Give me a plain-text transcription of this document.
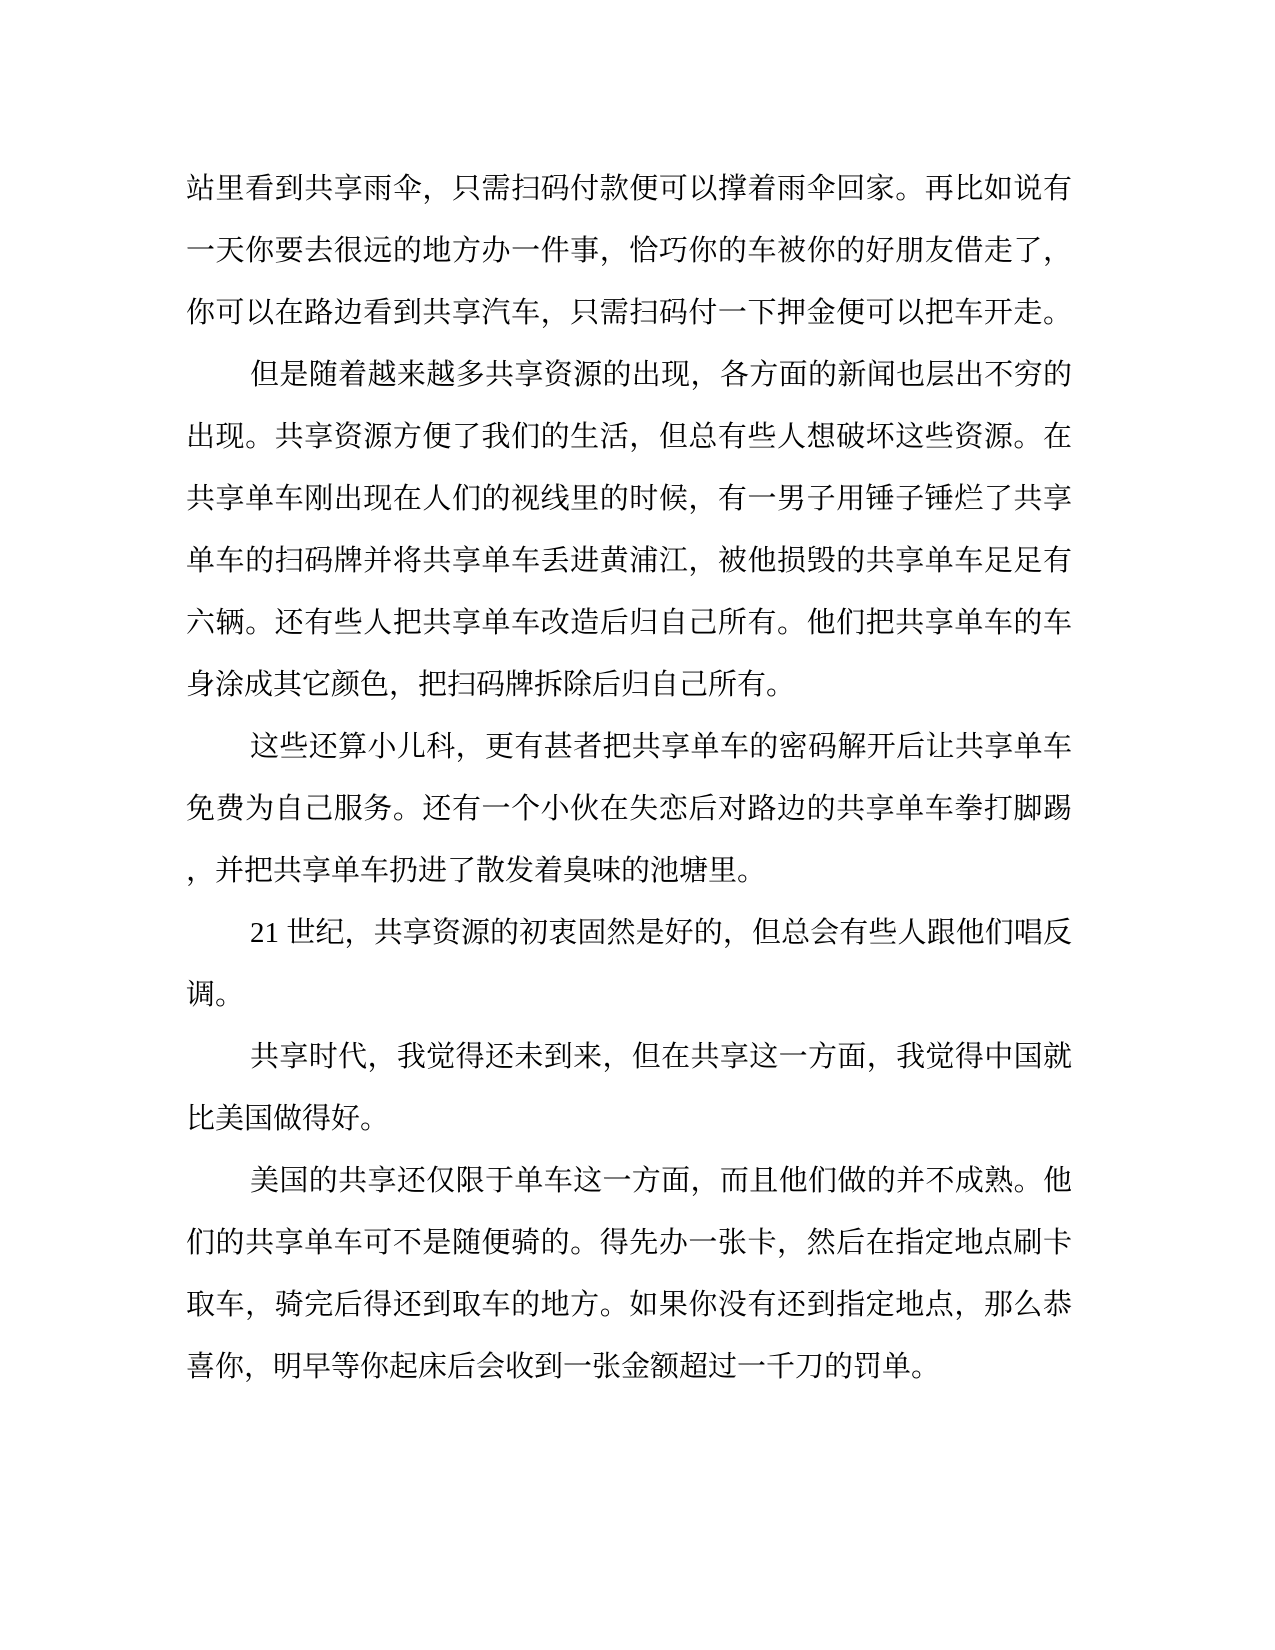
站里看到共享雨伞，只需扫码付款便可以撑着雨伞回家。再比如说有
一天你要去很远的地方办一件事，恰巧你的车被你的好朋友借走了，
你可以在路边看到共享汽车，只需扫码付一下押金便可以把车开走。
但是随着越来越多共享资源的出现，各方面的新闻也层出不穷的
出现。共享资源方便了我们的生活，但总有些人想破坏这些资源。在
共享单车刚出现在人们的视线里的时候，有一男子用锤子锤烂了共享
单车的扫码牌并将共享单车丢进黄浦江，被他损毁的共享单车足足有
六辆。还有些人把共享单车改造后归自己所有。他们把共享单车的车
身涂成其它颜色，把扫码牌拆除后归自己所有。
这些还算小儿科，更有甚者把共享单车的密码解开后让共享单车
免费为自己服务。还有一个小伙在失恋后对路边的共享单车拳打脚踢
，并把共享单车扔进了散发着臭味的池塘里。
21 世纪，共享资源的初衷固然是好的，但总会有些人跟他们唱反
调。
共享时代，我觉得还未到来，但在共享这一方面，我觉得中国就
比美国做得好。
美国的共享还仅限于单车这一方面，而且他们做的并不成熟。他
们的共享单车可不是随便骑的。得先办一张卡，然后在指定地点刷卡
取车，骑完后得还到取车的地方。如果你没有还到指定地点，那么恭
喜你，明早等你起床后会收到一张金额超过一千刀的罚单。
